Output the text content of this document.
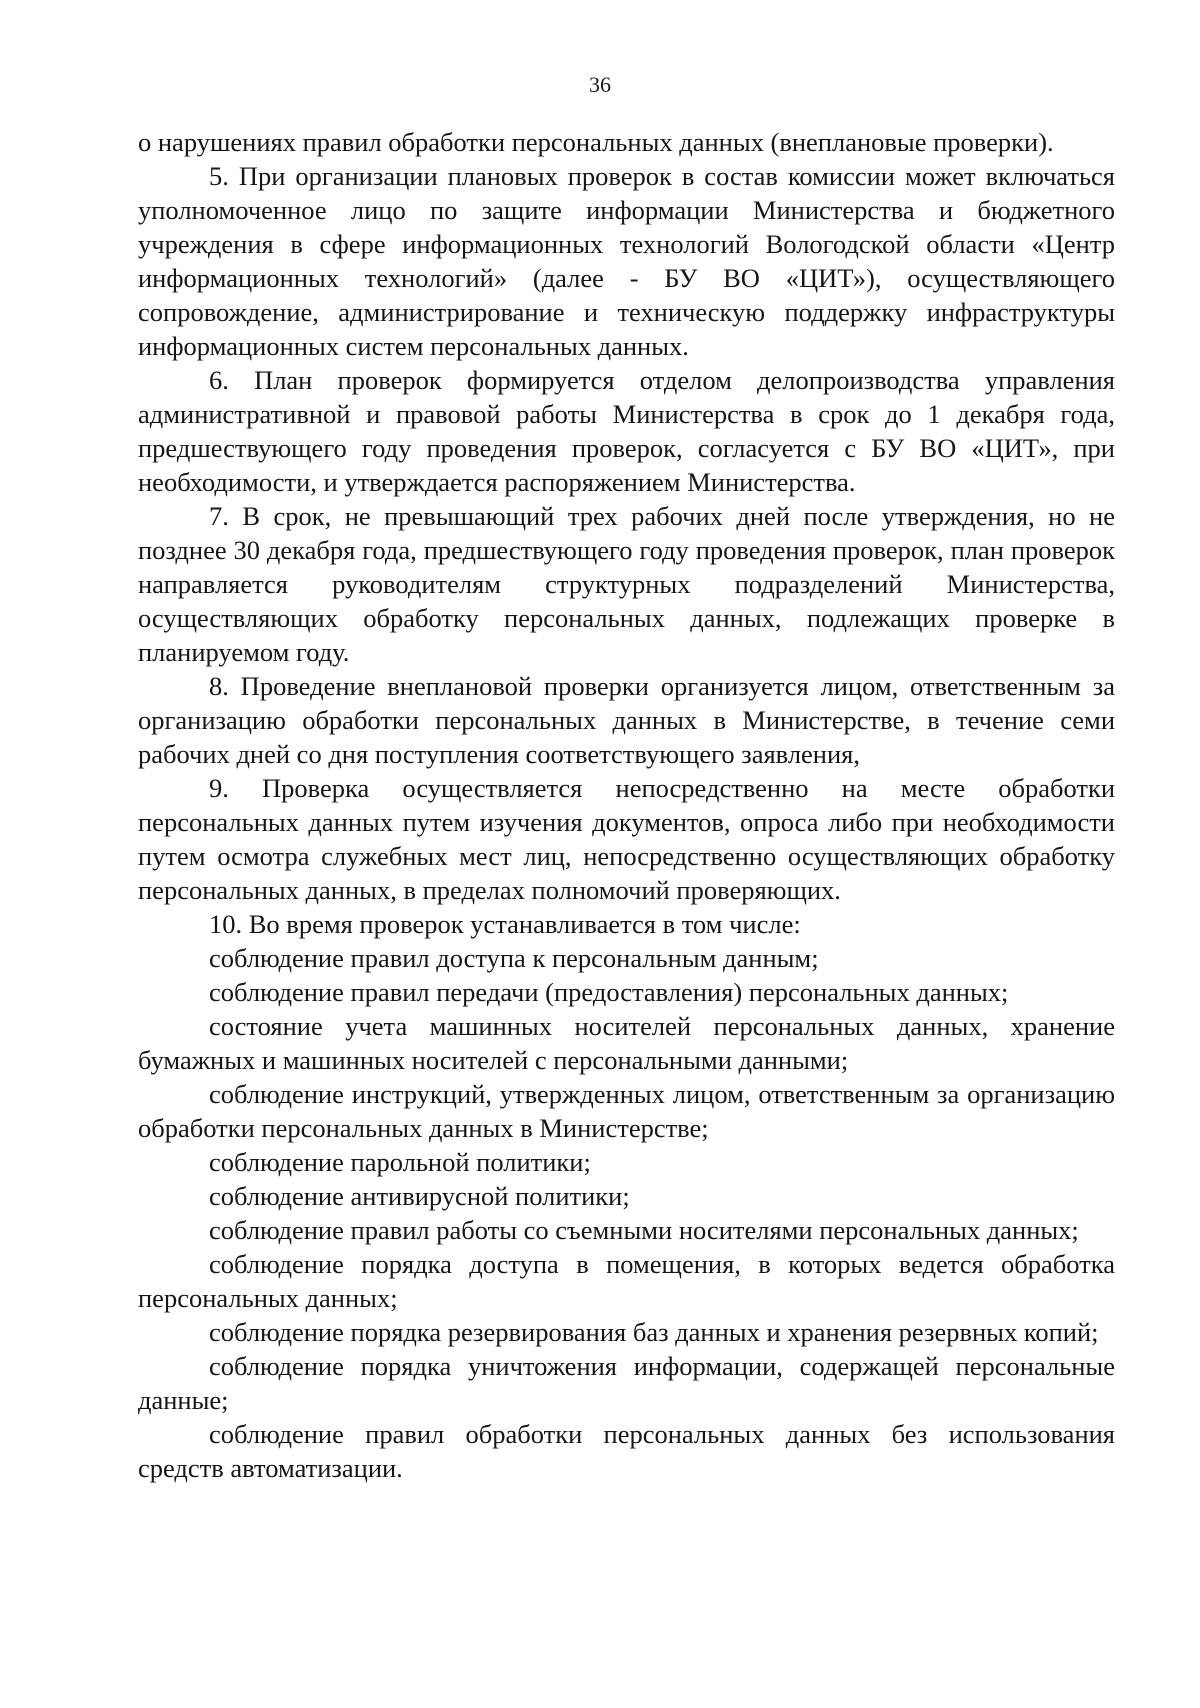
36

о нарушениях правил обработки персональных данных (внеплановые проверки).

5. При организации плановых проверок в состав комиссии может включаться уполномоченное лицо по защите информации Министерства и бюджетного учреждения в сфере информационных технологий Вологодской области «Центр информационных технологий» (далее - БУ ВО «ЦИТ»), осуществляющего сопровождение, администрирование и техническую поддержку инфраструктуры информационных систем персональных данных.

6. План проверок формируется отделом делопроизводства управления административной и правовой работы Министерства в срок до 1 декабря года, предшествующего году проведения проверок, согласуется с БУ ВО «ЦИТ», при необходимости, и утверждается распоряжением Министерства.

7. В срок, не превышающий трех рабочих дней после утверждения, но не позднее 30 декабря года, предшествующего году проведения проверок, план проверок направляется руководителям структурных подразделений Министерства, осуществляющих обработку персональных данных, подлежащих проверке в планируемом году.

8. Проведение внеплановой проверки организуется лицом, ответственным за организацию обработки персональных данных в Министерстве, в течение семи рабочих дней со дня поступления соответствующего заявления,

9. Проверка осуществляется непосредственно на месте обработки персональных данных путем изучения документов, опроса либо при необходимости путем осмотра служебных мест лиц, непосредственно осуществляющих обработку персональных данных, в пределах полномочий проверяющих.

10. Во время проверок устанавливается в том числе:

соблюдение правил доступа к персональным данным;

соблюдение правил передачи (предоставления) персональных данных;

состояние учета машинных носителей персональных данных, хранение бумажных и машинных носителей с персональными данными;

соблюдение инструкций, утвержденных лицом, ответственным за организацию обработки персональных данных в Министерстве;

соблюдение парольной политики;

соблюдение антивирусной политики;

соблюдение правил работы со съемными носителями персональных данных;

соблюдение порядка доступа в помещения, в которых ведется обработка персональных данных;

соблюдение порядка резервирования баз данных и хранения резервных копий;

соблюдение порядка уничтожения информации, содержащей персональные данные;

соблюдение правил обработки персональных данных без использования средств автоматизации.
